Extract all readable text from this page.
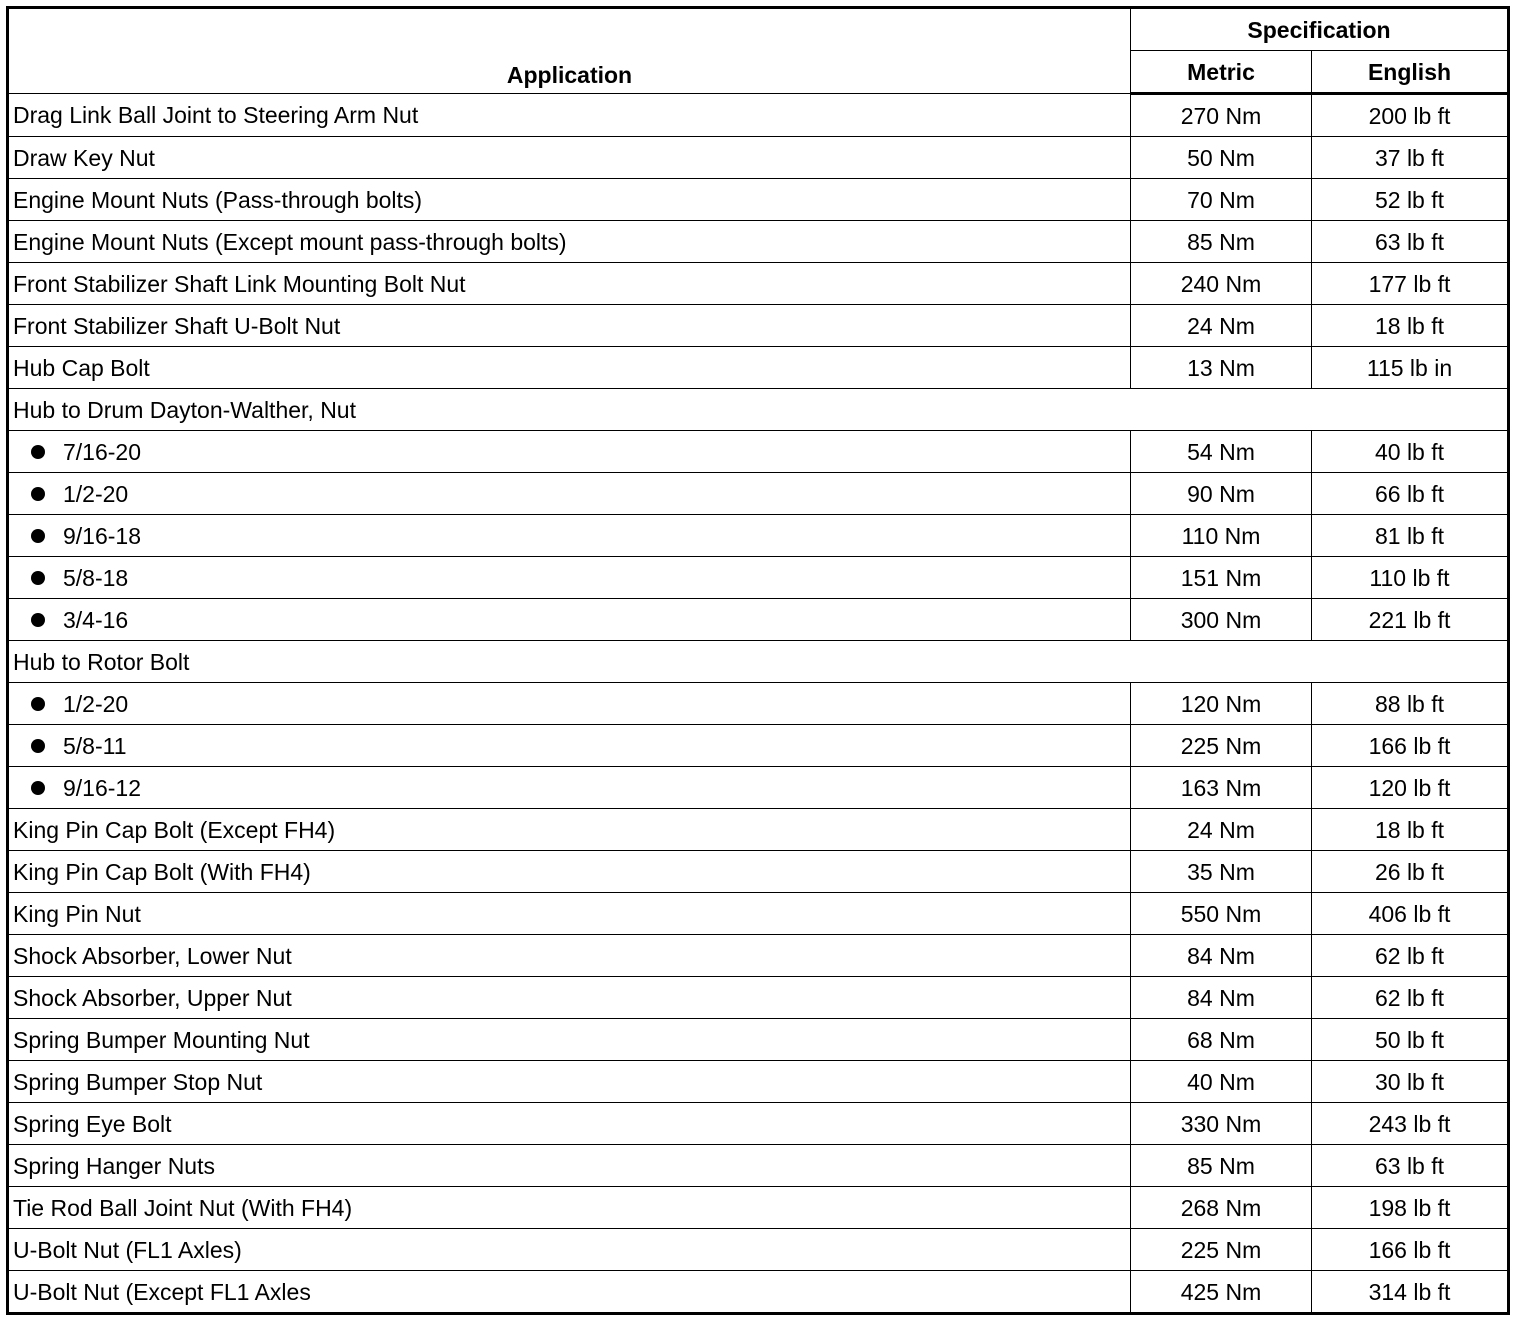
Application	Specification	
	Metric	English
Drag Link Ball Joint to Steering Arm Nut	270 Nm	200 lb ft
Draw Key Nut	50 Nm	37 lb ft
Engine Mount Nuts (Pass-through bolts)	70 Nm	52 lb ft
Engine Mount Nuts (Except mount pass-through bolts)	85 Nm	63 lb ft
Front Stabilizer Shaft Link Mounting Bolt Nut	240 Nm	177 lb ft
Front Stabilizer Shaft U-Bolt Nut	24 Nm	18 lb ft
Hub Cap Bolt	13 Nm	115 lb in
Hub to Drum Dayton-Walther, Nut		
7/16-20	54 Nm	40 lb ft
1/2-20	90 Nm	66 lb ft
9/16-18	110 Nm	81 lb ft
5/8-18	151 Nm	110 lb ft
3/4-16	300 Nm	221 lb ft
Hub to Rotor Bolt		
1/2-20	120 Nm	88 lb ft
5/8-11	225 Nm	166 lb ft
9/16-12	163 Nm	120 lb ft
King Pin Cap Bolt (Except FH4)	24 Nm	18 lb ft
King Pin Cap Bolt (With FH4)	35 Nm	26 lb ft
King Pin Nut	550 Nm	406 lb ft
Shock Absorber, Lower Nut	84 Nm	62 lb ft
Shock Absorber, Upper Nut	84 Nm	62 lb ft
Spring Bumper Mounting Nut	68 Nm	50 lb ft
Spring Bumper Stop Nut	40 Nm	30 lb ft
Spring Eye Bolt	330 Nm	243 lb ft
Spring Hanger Nuts	85 Nm	63 lb ft
Tie Rod Ball Joint Nut (With FH4)	268 Nm	198 lb ft
U-Bolt Nut (FL1 Axles)	225 Nm	166 lb ft
U-Bolt Nut (Except FL1 Axles	425 Nm	314 lb ft
